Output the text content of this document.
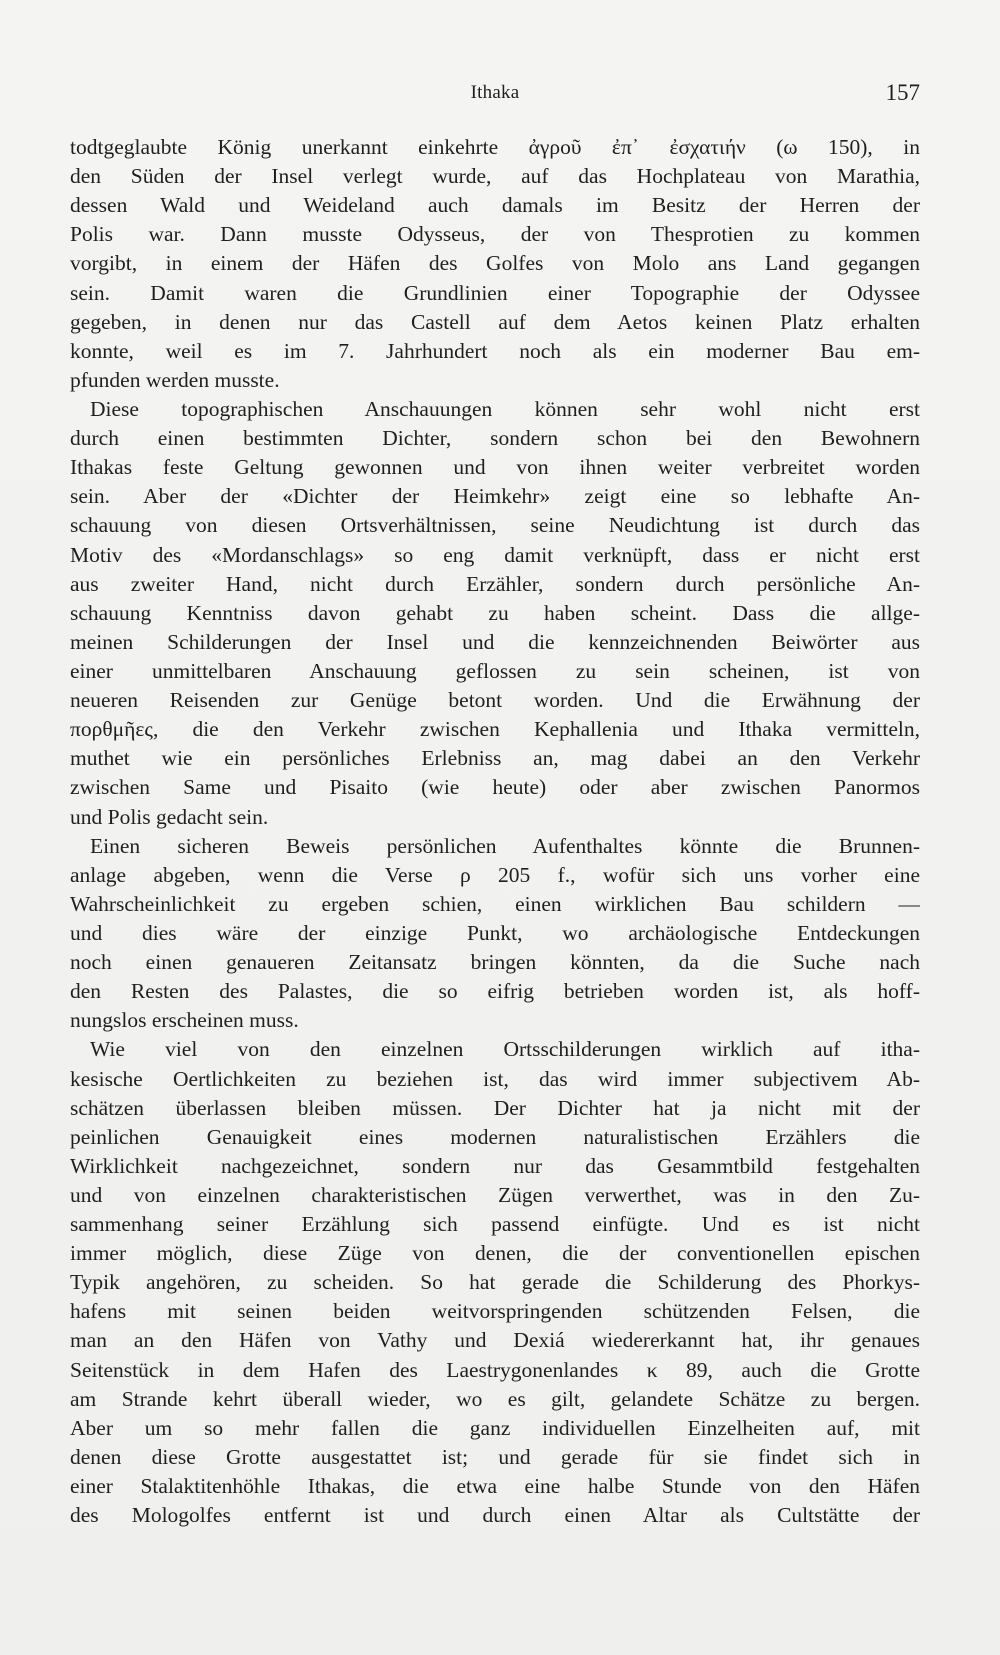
Ithaka	157
todtgeglaubte König unerkannt einkehrte ἀγροῦ ἐπ᾽ ἐσχατιήν (ω 150), in
den Süden der Insel verlegt wurde, auf das Hochplateau von Marathia,
dessen Wald und Weideland auch damals im Besitz der Herren der
Polis war. Dann musste Odysseus, der von Thesprotien zu kommen
vorgibt, in einem der Häfen des Golfes von Molo ans Land gegangen
sein. Damit waren die Grundlinien einer Topographie der Odyssee
gegeben, in denen nur das Castell auf dem Aetos keinen Platz erhalten
konnte, weil es im 7. Jahrhundert noch als ein moderner Bau em-
pfunden werden musste.
Diese topographischen Anschauungen können sehr wohl nicht erst
durch einen bestimmten Dichter, sondern schon bei den Bewohnern
Ithakas feste Geltung gewonnen und von ihnen weiter verbreitet worden
sein. Aber der «Dichter der Heimkehr» zeigt eine so lebhafte An-
schauung von diesen Ortsverhältnissen, seine Neudichtung ist durch das
Motiv des «Mordanschlags» so eng damit verknüpft, dass er nicht erst
aus zweiter Hand, nicht durch Erzähler, sondern durch persönliche An-
schauung Kenntniss davon gehabt zu haben scheint. Dass die allge-
meinen Schilderungen der Insel und die kennzeichnenden Beiwörter aus
einer unmittelbaren Anschauung geflossen zu sein scheinen, ist von
neueren Reisenden zur Genüge betont worden. Und die Erwähnung der
πορθμῆες, die den Verkehr zwischen Kephallenia und Ithaka vermitteln,
muthet wie ein persönliches Erlebniss an, mag dabei an den Verkehr
zwischen Same und Pisaito (wie heute) oder aber zwischen Panormos
und Polis gedacht sein.
Einen sicheren Beweis persönlichen Aufenthaltes könnte die Brunnen-
anlage abgeben, wenn die Verse ρ 205 f., wofür sich uns vorher eine
Wahrscheinlichkeit zu ergeben schien, einen wirklichen Bau schildern —
und dies wäre der einzige Punkt, wo archäologische Entdeckungen
noch einen genaueren Zeitansatz bringen könnten, da die Suche nach
den Resten des Palastes, die so eifrig betrieben worden ist, als hoff-
nungslos erscheinen muss.
Wie viel von den einzelnen Ortsschilderungen wirklich auf itha-
kesische Oertlichkeiten zu beziehen ist, das wird immer subjectivem Ab-
schätzen überlassen bleiben müssen. Der Dichter hat ja nicht mit der
peinlichen Genauigkeit eines modernen naturalistischen Erzählers die
Wirklichkeit nachgezeichnet, sondern nur das Gesammtbild festgehalten
und von einzelnen charakteristischen Zügen verwerthet, was in den Zu-
sammenhang seiner Erzählung sich passend einfügte. Und es ist nicht
immer möglich, diese Züge von denen, die der conventionellen epischen
Typik angehören, zu scheiden. So hat gerade die Schilderung des Phorkys-
hafens mit seinen beiden weitvorspringenden schützenden Felsen, die
man an den Häfen von Vathy und Dexiá wiedererkannt hat, ihr genaues
Seitenstück in dem Hafen des Laestrygonenlandes κ 89, auch die Grotte
am Strande kehrt überall wieder, wo es gilt, gelandete Schätze zu bergen.
Aber um so mehr fallen die ganz individuellen Einzelheiten auf, mit
denen diese Grotte ausgestattet ist; und gerade für sie findet sich in
einer Stalaktitenhöhle Ithakas, die etwa eine halbe Stunde von den Häfen
des Mologolfes entfernt ist und durch einen Altar als Cultstätte der
